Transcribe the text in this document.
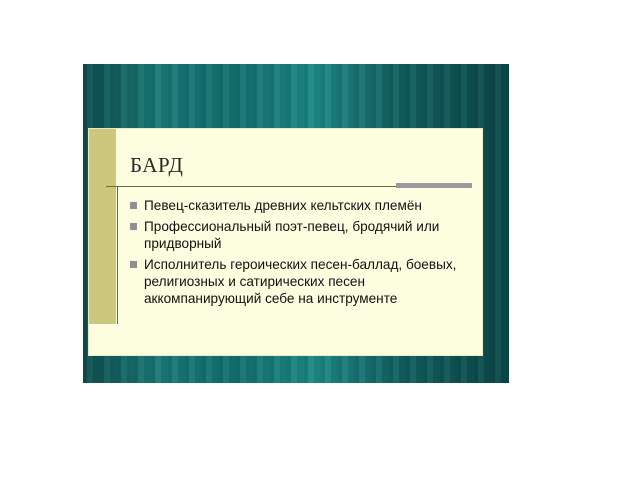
БАРД
Певец-сказитель древних кельтских племён
Профессиональный поэт-певец, бродячий или придворный
Исполнитель героических песен-баллад, боевых, религиозных и сатирических песен аккомпанирующий себе на инструменте
